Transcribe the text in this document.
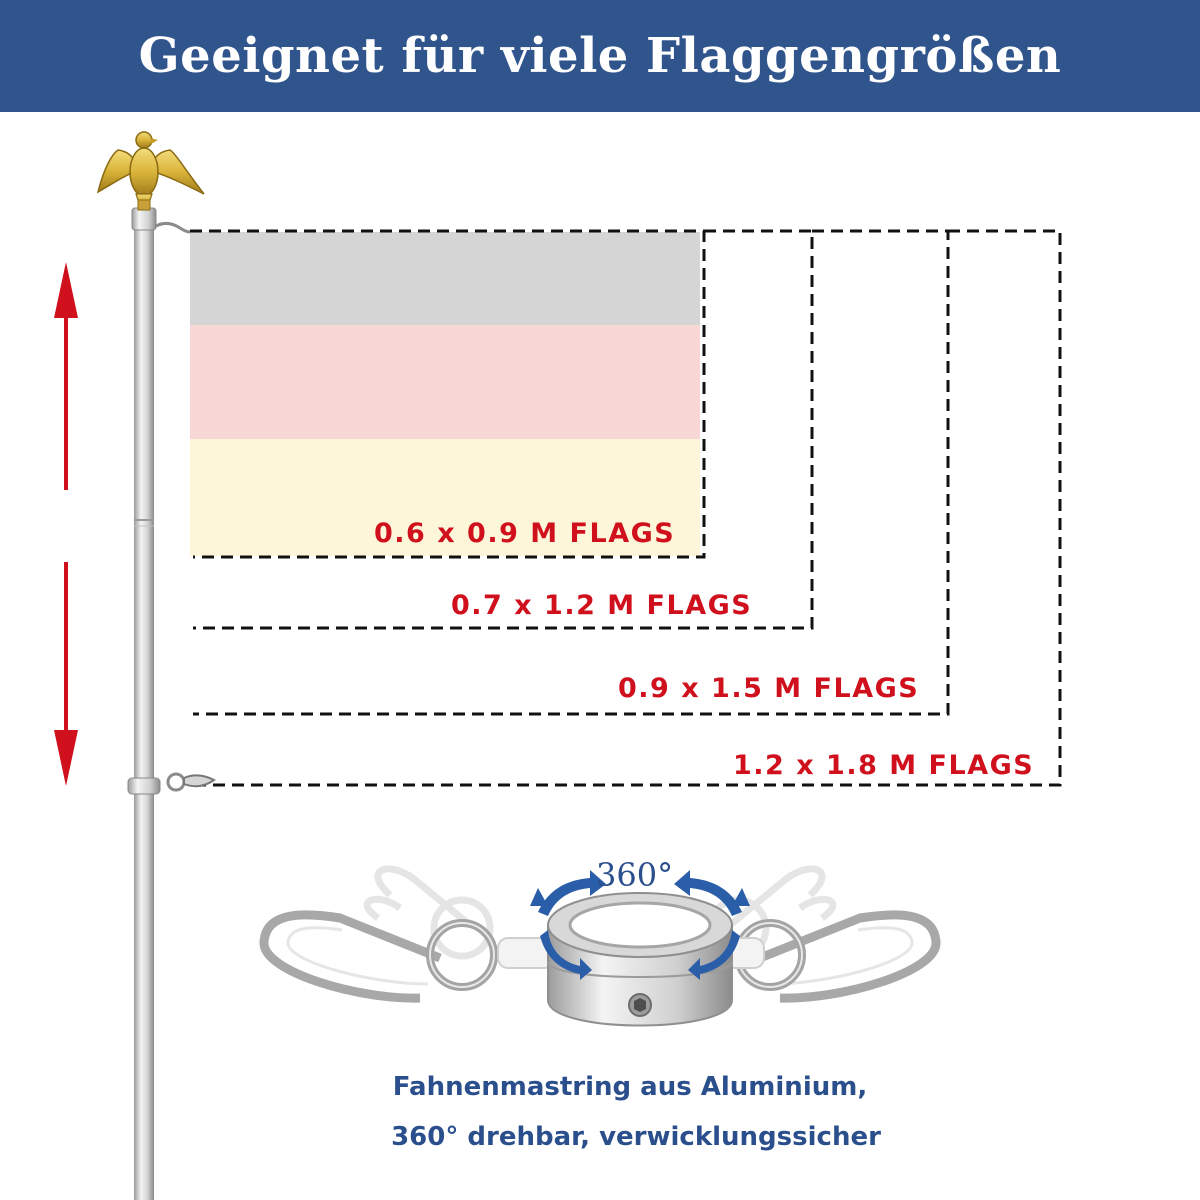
Geeignet für viele Flaggengrößen
0.6 x 0.9 M FLAGS
0.7 x 1.2 M FLAGS
0.9 x 1.5 M FLAGS
1.2 x 1.8 M FLAGS
360°
Fahnenmastring aus Aluminium,
360° drehbar, verwicklungssicher
